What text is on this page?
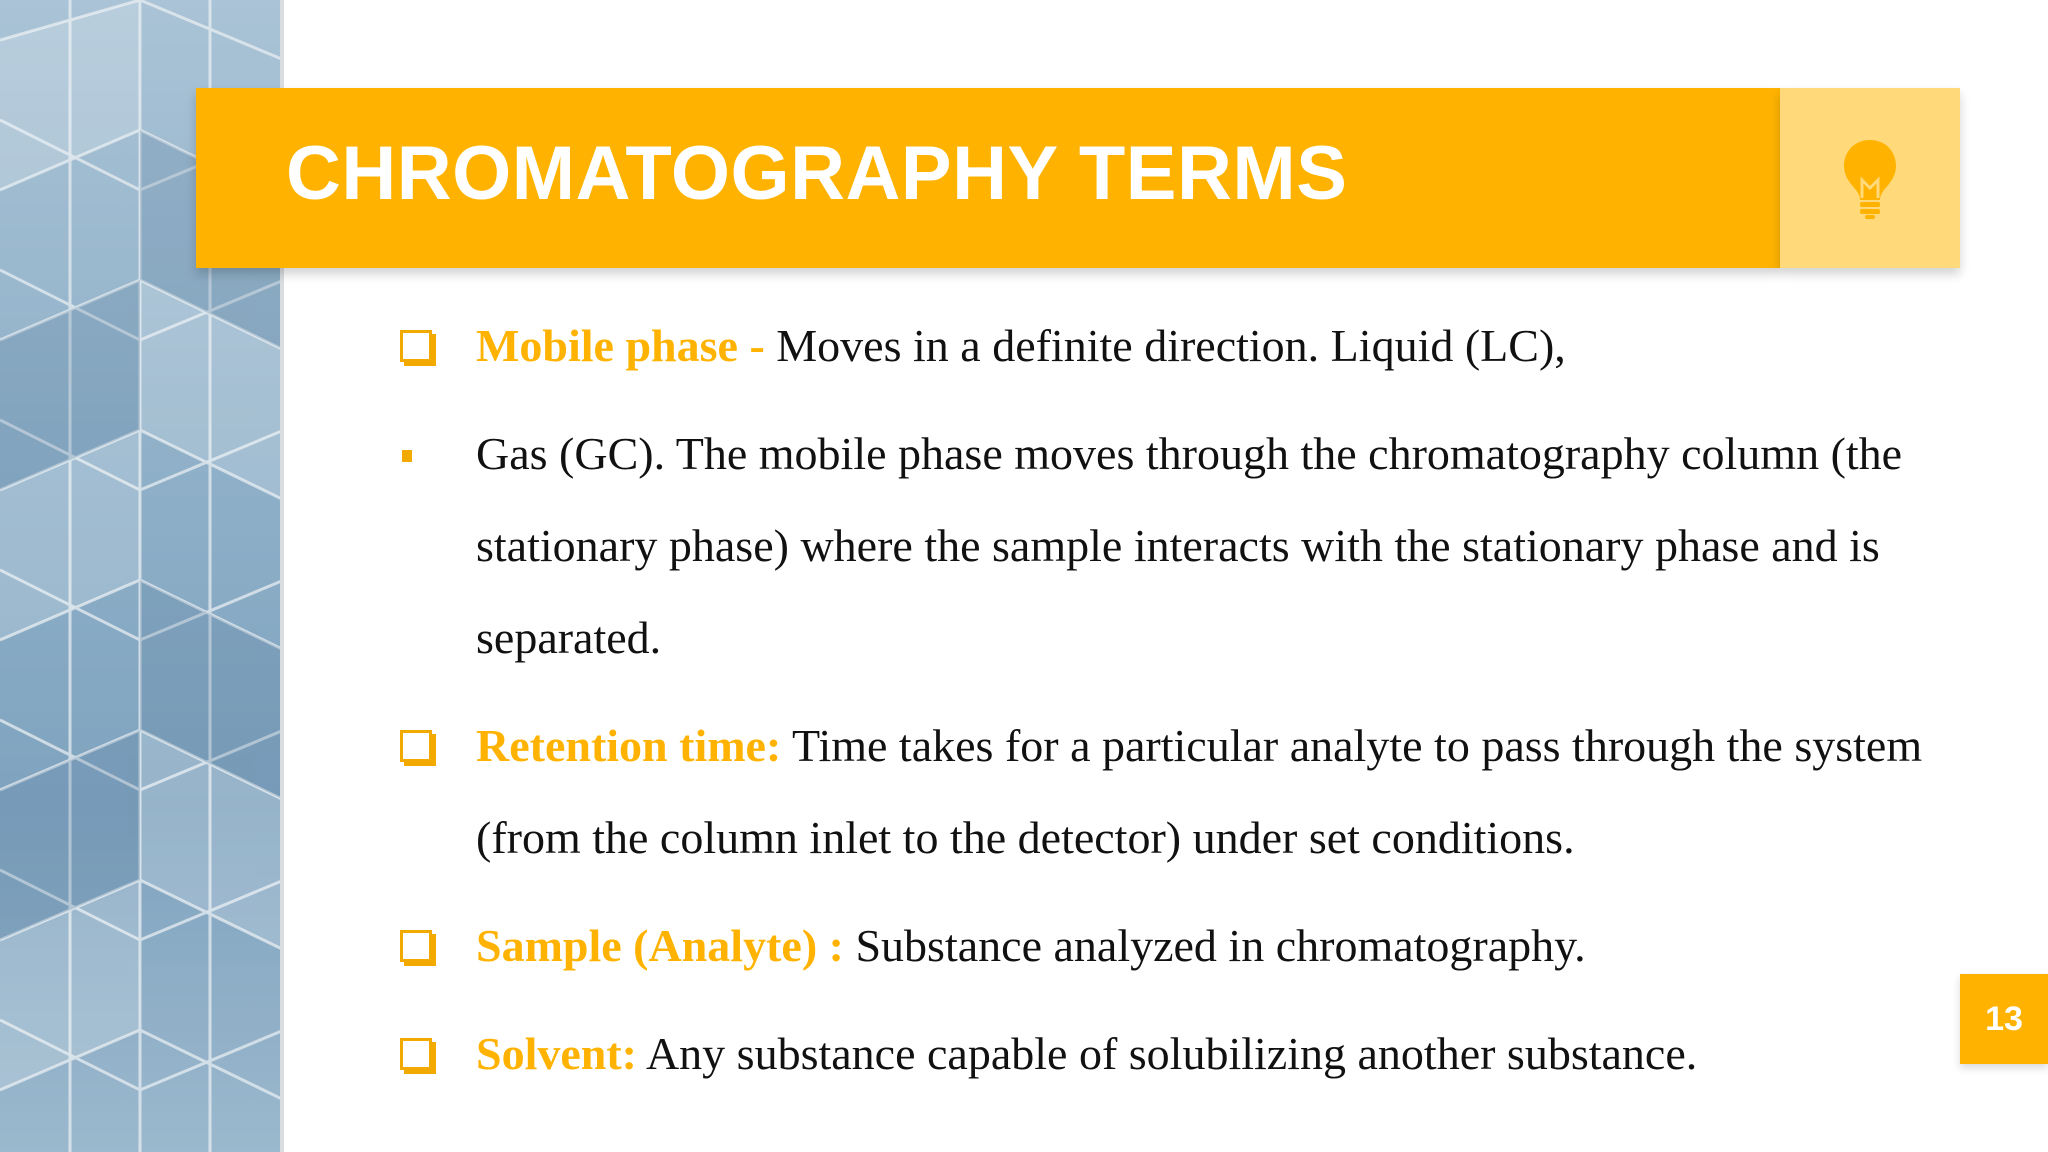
CHROMATOGRAPHY TERMS
Mobile phase - Moves in a definite direction. Liquid (LC),
Gas (GC). The mobile phase moves through the chromatography column (the stationary phase) where the sample interacts with the stationary phase and is separated.
Retention time: Time takes for a particular analyte to pass through the system (from the column inlet to the detector) under set conditions.
Sample (Analyte) : Substance analyzed in chromatography.
Solvent: Any substance capable of solubilizing another substance.
13
